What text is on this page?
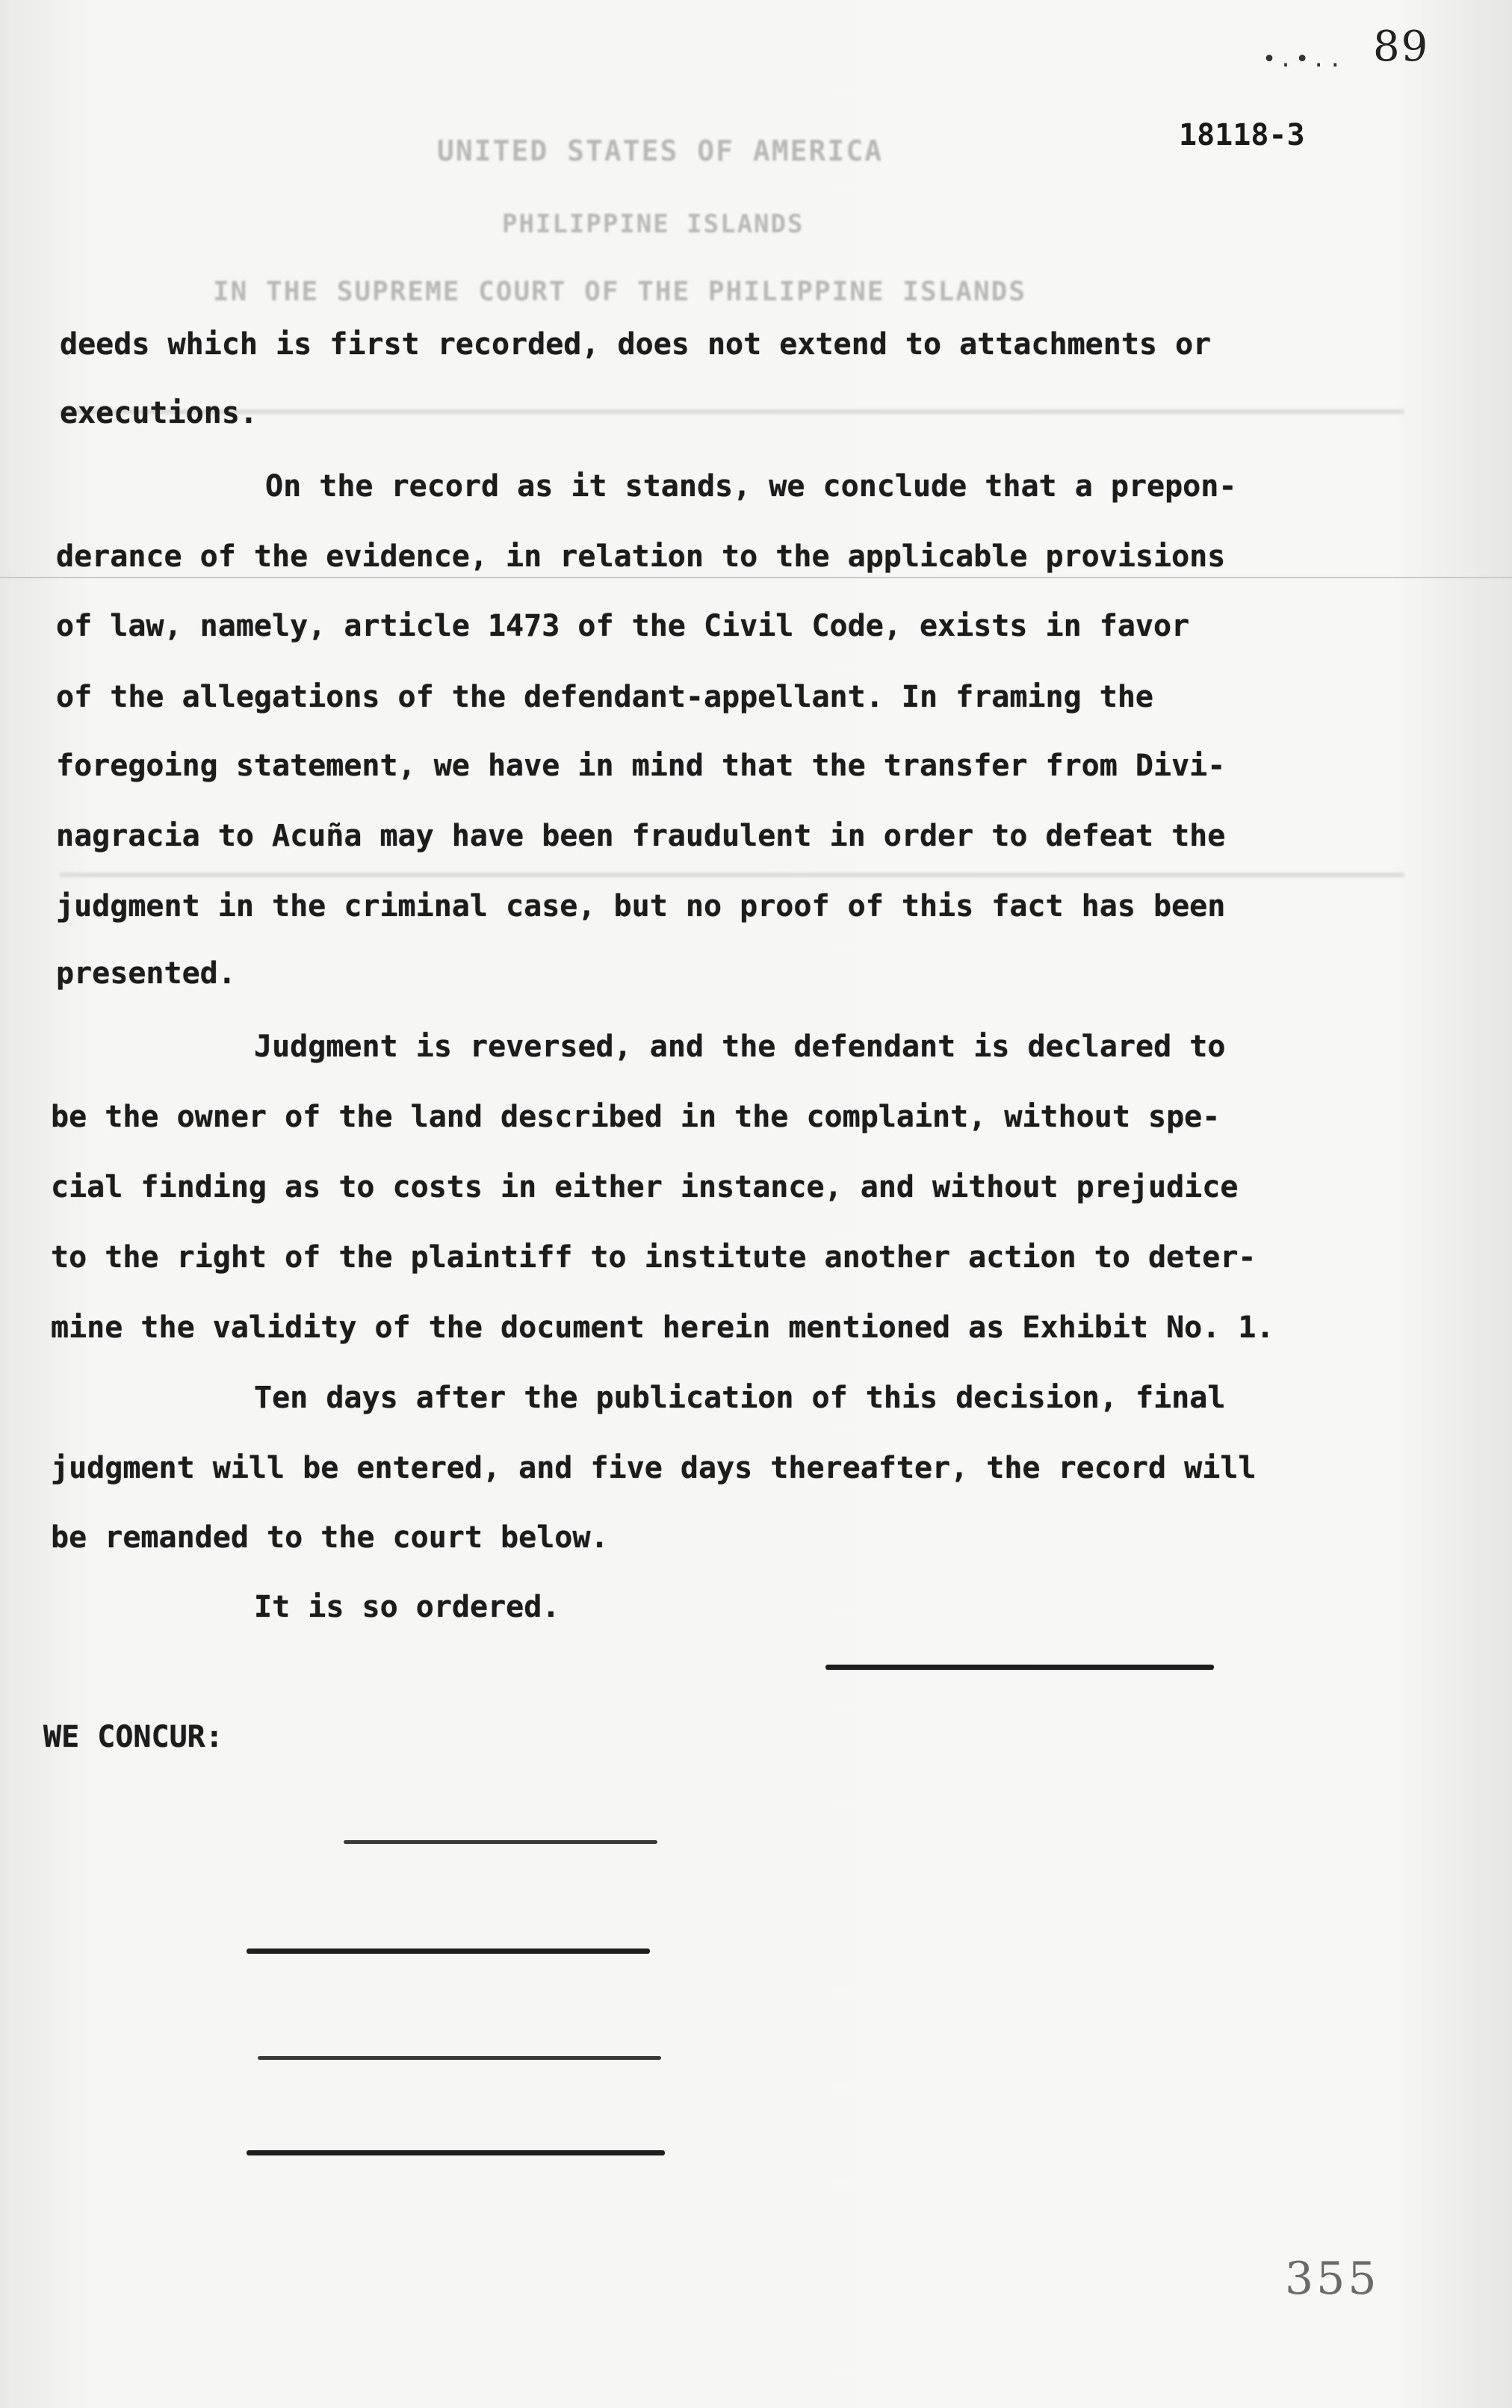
UNITED STATES OF AMERICA
PHILIPPINE ISLANDS
IN THE SUPREME COURT OF THE PHILIPPINE ISLANDS
•.•.. 89
18118-3
deeds which is first recorded, does not extend to attachments or
executions.
On the record as it stands, we conclude that a prepon-
derance of the evidence, in relation to the applicable provisions
of law, namely, article 1473 of the Civil Code, exists in favor
of the allegations of the defendant-appellant. In framing the
foregoing statement, we have in mind that the transfer from Divi-
nagracia to Acuña may have been fraudulent in order to defeat the
judgment in the criminal case, but no proof of this fact has been
presented.
Judgment is reversed, and the defendant is declared to
be the owner of the land described in the complaint, without spe-
cial finding as to costs in either instance, and without prejudice
to the right of the plaintiff to institute another action to deter-
mine the validity of the document herein mentioned as Exhibit No. 1.
Ten days after the publication of this decision, final
judgment will be entered, and five days thereafter, the record will
be remanded to the court below.
It is so ordered.
WE CONCUR:
355
